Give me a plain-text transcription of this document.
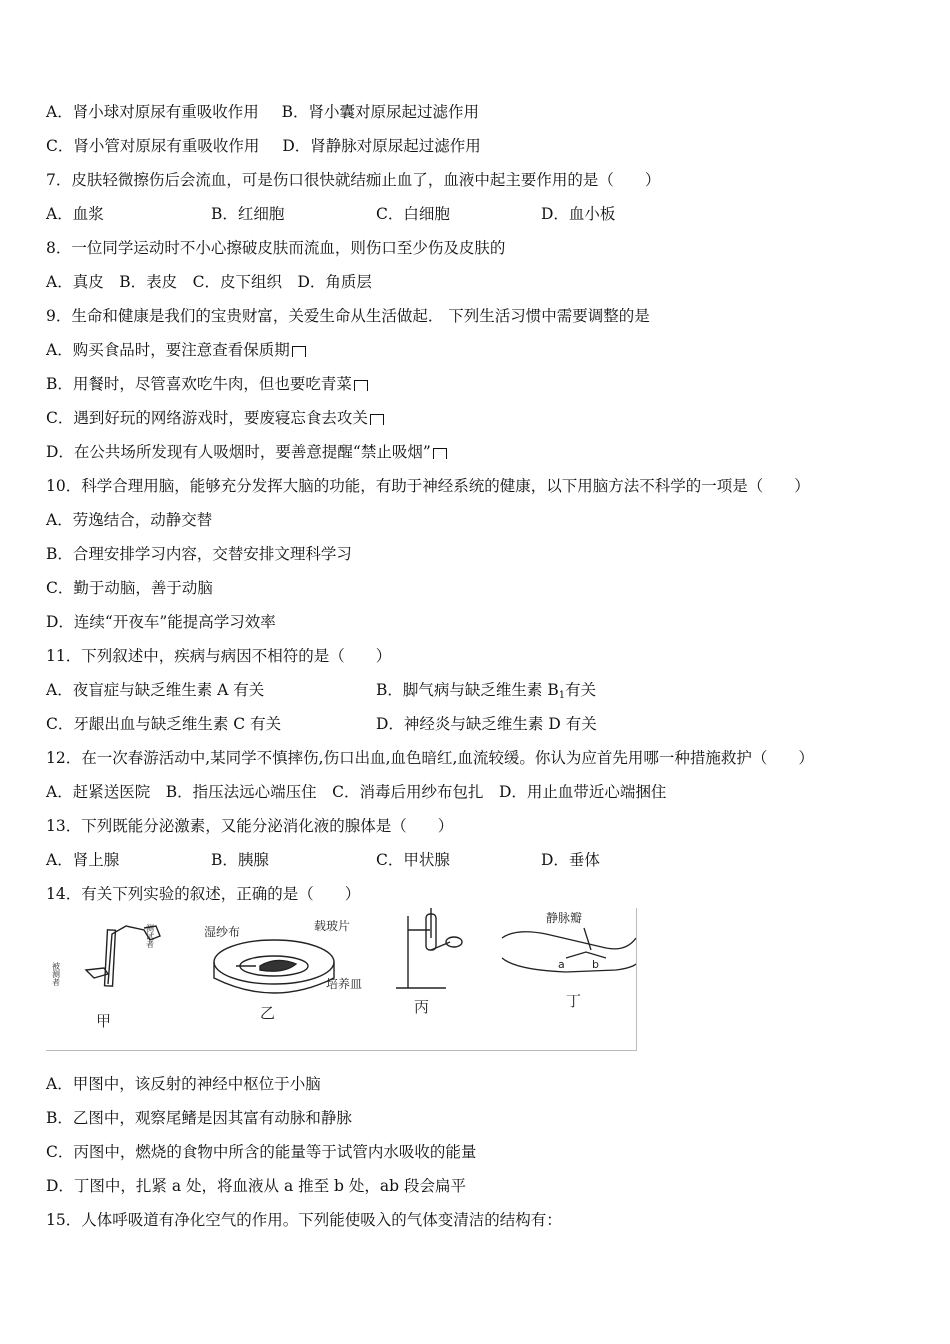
A．肾小球对原尿有重吸收作用 B．肾小囊对原尿起过滤作用
C．肾小管对原尿有重吸收作用 D．肾静脉对原尿起过滤作用
7．皮肤轻微擦伤后会流血，可是伤口很快就结痂止血了，血液中起主要作用的是（　　）
A．血浆	B．红细胞	C．白细胞	D．血小板
8．一位同学运动时不小心擦破皮肤而流血，则伤口至少伤及皮肤的
A．真皮　B．表皮　C．皮下组织　D．角质层
9．生命和健康是我们的宝贵财富，关爱生命从生活做起． 下列生活习惯中需要调整的是
A．购买食品时，要注意查看保质期
B．用餐时，尽管喜欢吃牛肉，但也要吃青菜
C．遇到好玩的网络游戏时，要废寝忘食去攻关
D．在公共场所发现有人吸烟时，要善意提醒“禁止吸烟”
10．科学合理用脑，能够充分发挥大脑的功能，有助于神经系统的健康，以下用脑方法不科学的一项是（　　）
A．劳逸结合，动静交替
B．合理安排学习内容，交替安排文理科学习
C．勤于动脑，善于动脑
D．连续“开夜车”能提高学习效率
11．下列叙述中，疾病与病因不相符的是（　　）
A．夜盲症与缺乏维生素 A 有关	B．脚气病与缺乏维生素 $B_1$有关
C．牙龈出血与缺乏维生素 C 有关	D．神经炎与缺乏维生素 D 有关
12．在一次春游活动中,某同学不慎摔伤,伤口出血,血色暗红,血流较缓。你认为应首先用哪一种措施救护（　　）
A．赶紧送医院　B．指压法远心端压住　C．消毒后用纱布包扎　D．用止血带近心端捆住
13．下列既能分泌激素，又能分泌消化液的腺体是（　　）
A．肾上腺	B．胰腺	C．甲状腺	D．垂体
14．有关下列实验的叙述，正确的是（　　）
测试者
被测者
甲
湿纱布	载玻片
培养皿
乙	丙
静脉瓣
a b
丁
A．甲图中，该反射的神经中枢位于小脑
B．乙图中，观察尾鳍是因其富有动脉和静脉
C．丙图中，燃烧的食物中所含的能量等于试管内水吸收的能量
D．丁图中，扎紧 a 处，将血液从 a 推至 b 处，ab 段会扁平
15．人体呼吸道有净化空气的作用。下列能使吸入的气体变清洁的结构有：
